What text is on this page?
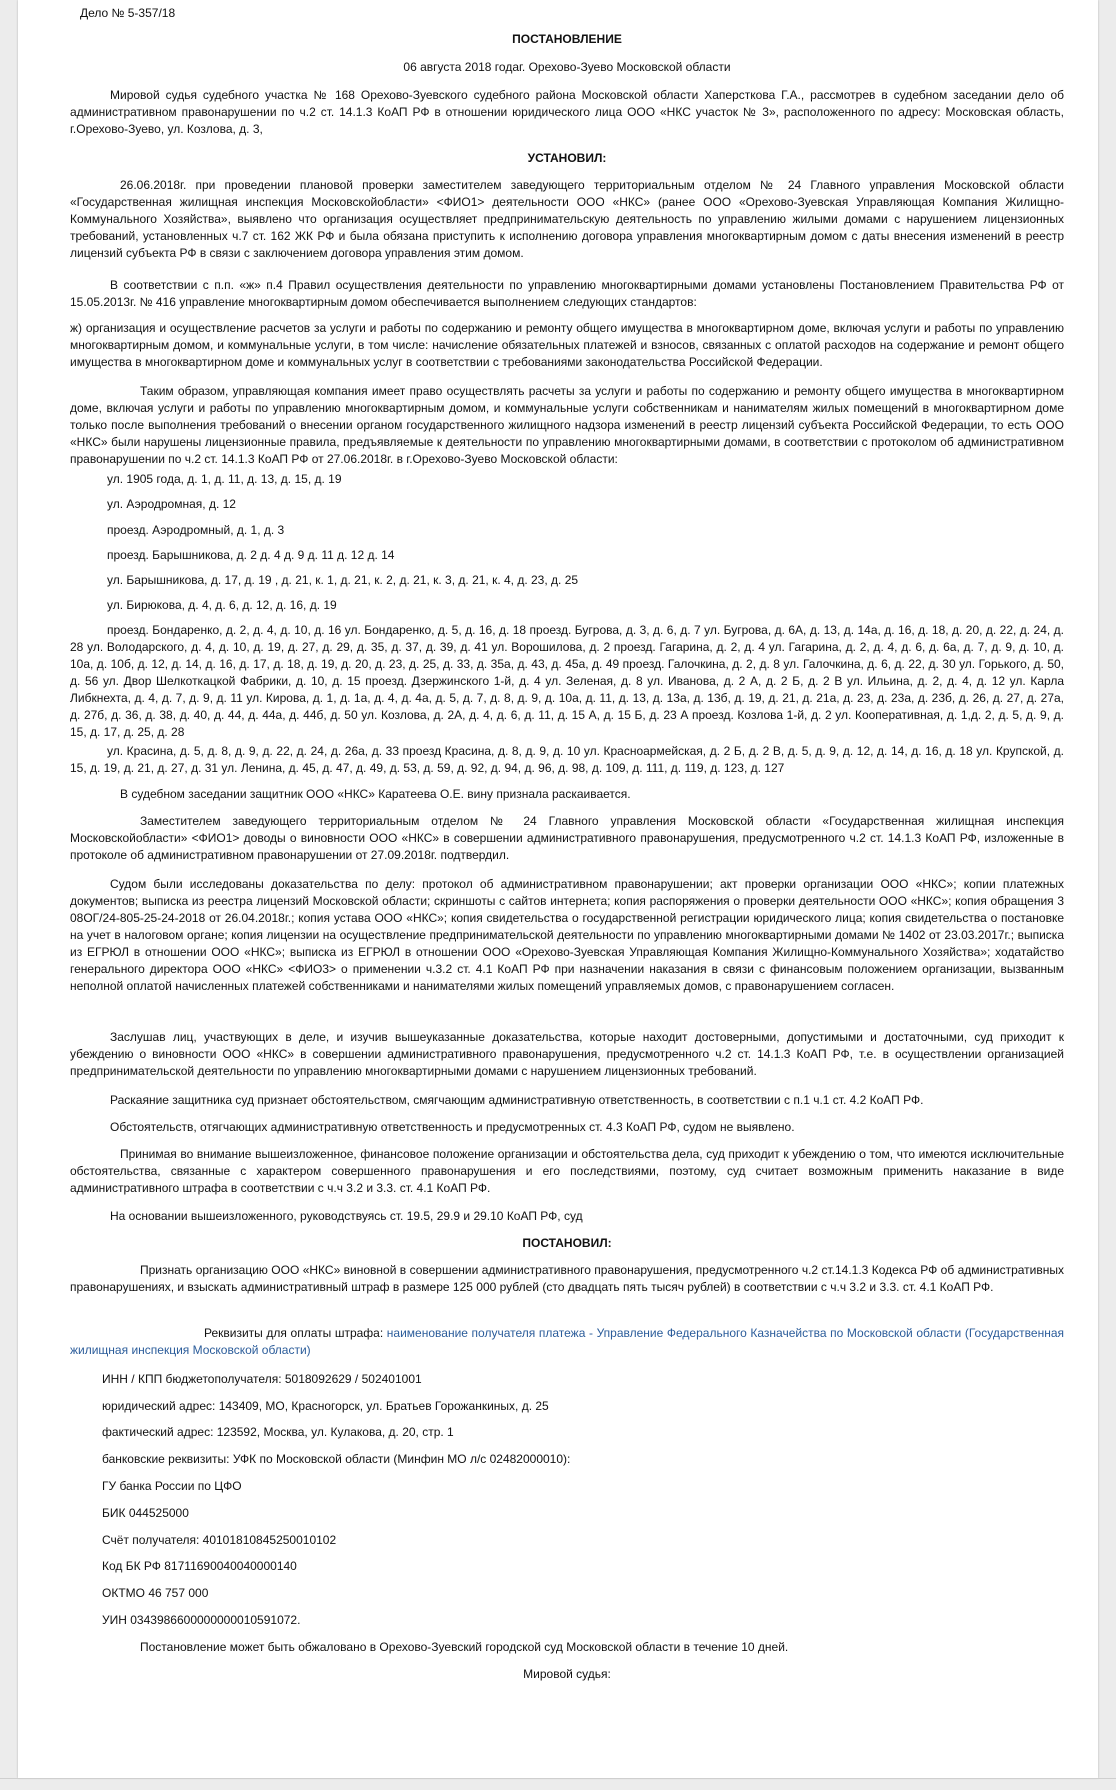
Дело № 5-357/18

ПОСТАНОВЛЕНИЕ

06 августа 2018 годаг. Орехово-Зуево Московской области

Мировой судья судебного участка № 168 Орехово-Зуевского судебного района Московской области Хаперсткова Г.А., рассмотрев в судебном заседании дело об административном правонарушении по ч.2 ст. 14.1.3 КоАП РФ в отношении юридического лица ООО «НКС участок № 3», расположенного по адресу: Московская область, г.Орехово-Зуево, ул. Козлова, д. 3,

УСТАНОВИЛ:

26.06.2018г. при проведении плановой проверки заместителем заведующего территориальным отделом № 24 Главного управления Московской области «Государственная жилищная инспекция Московскойобласти» <ФИО1> деятельности ООО «НКС» (ранее ООО «Орехово-Зуевская Управляющая Компания Жилищно-Коммунального Хозяйства», выявлено что организация осуществляет предпринимательскую деятельность по управлению жилыми домами с нарушением лицензионных требований, установленных ч.7 ст. 162 ЖК РФ и была обязана приступить к исполнению договора управления многоквартирным домом с даты внесения изменений в реестр лицензий субъекта РФ в связи с заключением договора управления этим домом.

В соответствии с п.п. «ж» п.4 Правил осуществления деятельности по управлению многоквартирными домами установлены Постановлением Правительства РФ от 15.05.2013г. № 416 управление многоквартирным домом обеспечивается выполнением следующих стандартов:

ж) организация и осуществление расчетов за услуги и работы по содержанию и ремонту общего имущества в многоквартирном доме, включая услуги и работы по управлению многоквартирным домом, и коммунальные услуги, в том числе: начисление обязательных платежей и взносов, связанных с оплатой расходов на содержание и ремонт общего имущества в многоквартирном доме и коммунальных услуг в соответствии с требованиями законодательства Российской Федерации.

Таким образом, управляющая компания имеет право осуществлять расчеты за услуги и работы по содержанию и ремонту общего имущества в многоквартирном доме, включая услуги и работы по управлению многоквартирным домом, и коммунальные услуги собственникам и нанимателям жилых помещений в многоквартирном доме только после выполнения требований о внесении органом государственного жилищного надзора изменений в реестр лицензий субъекта Российской Федерации, то есть ООО «НКС» были нарушены лицензионные правила, предъявляемые к деятельности по управлению многоквартирными домами, в соответствии с протоколом об административном правонарушении по ч.2 ст. 14.1.3 КоАП РФ от 27.06.2018г. в г.Орехово-Зуево Московской области:

ул. 1905 года, д. 1, д. 11, д. 13, д. 15, д. 19

ул. Аэродромная, д. 12

проезд. Аэродромный, д. 1, д. 3

проезд. Барышникова, д. 2 д. 4 д. 9 д. 11 д. 12 д. 14

ул. Барышникова, д. 17, д. 19 , д. 21, к. 1, д. 21, к. 2, д. 21, к. 3, д. 21, к. 4, д. 23, д. 25

ул. Бирюкова, д. 4, д. 6, д. 12, д. 16, д. 19

проезд. Бондаренко, д. 2, д. 4, д. 10, д. 16 ул. Бондаренко, д. 5, д. 16, д. 18 проезд. Бугрова, д. 3, д. 6, д. 7 ул. Бугрова, д. 6А, д. 13, д. 14а, д. 16, д. 18, д. 20, д. 22, д. 24, д. 28 ул. Володарского, д. 4, д. 10, д. 19, д. 27, д. 29, д. 35, д. 37, д. 39, д. 41 ул. Ворошилова, д. 2 проезд. Гагарина, д. 2, д. 4 ул. Гагарина, д. 2, д. 4, д. 6, д. 6а, д. 7, д. 9, д. 10, д. 10а, д. 10б, д. 12, д. 14, д. 16, д. 17, д. 18, д. 19, д. 20, д. 23, д. 25, д. 33, д. 35а, д. 43, д. 45а, д. 49 проезд. Галочкина, д. 2, д. 8 ул. Галочкина, д. 6, д. 22, д. 30 ул. Горького, д. 50, д. 56 ул. Двор Шелкоткацкой Фабрики, д. 10, д. 15 проезд. Дзержинского 1-й, д. 4 ул. Зеленая, д. 8 ул. Иванова, д. 2 А, д. 2 Б, д. 2 В ул. Ильина, д. 2, д. 4, д. 12 ул. Карла Либкнехта, д. 4, д. 7, д. 9, д. 11 ул. Кирова, д. 1, д. 1а, д. 4, д. 4а, д. 5, д. 7, д. 8, д. 9, д. 10а, д. 11, д. 13, д. 13а, д. 13б, д. 19, д. 21, д. 21а, д. 23, д. 23а, д. 23б, д. 26, д. 27, д. 27а, д. 27б, д. 36, д. 38, д. 40, д. 44, д. 44а, д. 44б, д. 50 ул. Козлова, д. 2А, д. 4, д. 6, д. 11, д. 15 А, д. 15 Б, д. 23 А проезд. Козлова 1-й, д. 2 ул. Кооперативная, д. 1,д. 2, д. 5, д. 9, д. 15, д. 17, д. 25, д. 28

ул. Красина, д. 5, д. 8, д. 9, д. 22, д. 24, д. 26а, д. 33 проезд Красина, д. 8, д. 9, д. 10 ул. Красноармейская, д. 2 Б, д. 2 В, д. 5, д. 9, д. 12, д. 14, д. 16, д. 18 ул. Крупской, д. 15, д. 19, д. 21, д. 27, д. 31 ул. Ленина, д. 45, д. 47, д. 49, д. 53, д. 59, д. 92, д. 94, д. 96, д. 98, д. 109, д. 111, д. 119, д. 123, д. 127

В судебном заседании защитник ООО «НКС» Каратеева О.Е. вину признала раскаивается.

Заместителем заведующего территориальным отделом № 24 Главного управления Московской области «Государственная жилищная инспекция Московскойобласти» <ФИО1> доводы о виновности ООО «НКС» в совершении административного правонарушения, предусмотренного ч.2 ст. 14.1.3 КоАП РФ, изложенные в протоколе об административном правонарушении от 27.09.2018г. подтвердил.

Судом были исследованы доказательства по делу: протокол об административном правонарушении; акт проверки организации ООО «НКС»; копии платежных документов; выписка из реестра лицензий Московской области; скриншоты с сайтов интернета; копия распоряжения о проверки деятельности ООО «НКС»; копия обращения 3 08ОГ/24-805-25-24-2018 от 26.04.2018г.; копия устава ООО «НКС»; копия свидетельства о государственной регистрации юридического лица; копия свидетельства о постановке на учет в налоговом органе; копия лицензии на осуществление предпринимательской деятельности по управлению многоквартирными домами № 1402 от 23.03.2017г.; выписка из ЕГРЮЛ в отношении ООО «НКС»; выписка из ЕГРЮЛ в отношении ООО «Орехово-Зуевская Управляющая Компания Жилищно-Коммунального Хозяйства»; ходатайство генерального директора ООО «НКС» <ФИО3> о применении ч.3.2 ст. 4.1 КоАП РФ при назначении наказания в связи с финансовым положением организации, вызванным неполной оплатой начисленных платежей собственниками и нанимателями жилых помещений управляемых домов, с правонарушением согласен.

Заслушав лиц, участвующих в деле, и изучив вышеуказанные доказательства, которые находит достоверными, допустимыми и достаточными, суд приходит к убеждению о виновности ООО «НКС» в совершении административного правонарушения, предусмотренного ч.2 ст. 14.1.3 КоАП РФ, т.е. в осуществлении организацией предпринимательской деятельности по управлению многоквартирными домами с нарушением лицензионных требований.

Раскаяние защитника суд признает обстоятельством, смягчающим административную ответственность, в соответствии с п.1 ч.1 ст. 4.2 КоАП РФ.

Обстоятельств, отягчающих административную ответственность и предусмотренных ст. 4.3 КоАП РФ, судом не выявлено.

Принимая во внимание вышеизложенное, финансовое положение организации и обстоятельства дела, суд приходит к убеждению о том, что имеются исключительные обстоятельства, связанные с характером совершенного правонарушения и его последствиями, поэтому, суд считает возможным применить наказание в виде административного штрафа в соответствии с ч.ч 3.2 и 3.3. ст. 4.1 КоАП РФ.

На основании вышеизложенного, руководствуясь ст. 19.5, 29.9 и 29.10 КоАП РФ, суд

ПОСТАНОВИЛ:

Признать организацию ООО «НКС» виновной в совершении административного правонарушения, предусмотренного ч.2 ст.14.1.3 Кодекса РФ об административных правонарушениях, и взыскать административный штраф в размере 125 000 рублей (сто двадцать пять тысяч рублей) в соответствии с ч.ч 3.2 и 3.3. ст. 4.1 КоАП РФ.

Реквизиты для оплаты штрафа: наименование получателя платежа - Управление Федерального Казначейства по Московской области (Государственная жилищная инспекция Московской области)

ИНН / КПП бюджетополучателя: 5018092629 / 502401001

юридический адрес: 143409, МО, Красногорск, ул. Братьев Горожанкиных, д. 25

фактический адрес: 123592, Москва, ул. Кулакова, д. 20, стр. 1

банковские реквизиты: УФК по Московской области (Минфин МО л/с 02482000010):

ГУ банка России по ЦФО

БИК 044525000

Счёт получателя: 40101810845250010102

Код БК РФ 81711690040040000140

ОКТМО 46 757 000

УИН 0343986600000000010591072.

Постановление может быть обжаловано в Орехово-Зуевский городской суд Московской области в течение 10 дней.

Мировой судья:
